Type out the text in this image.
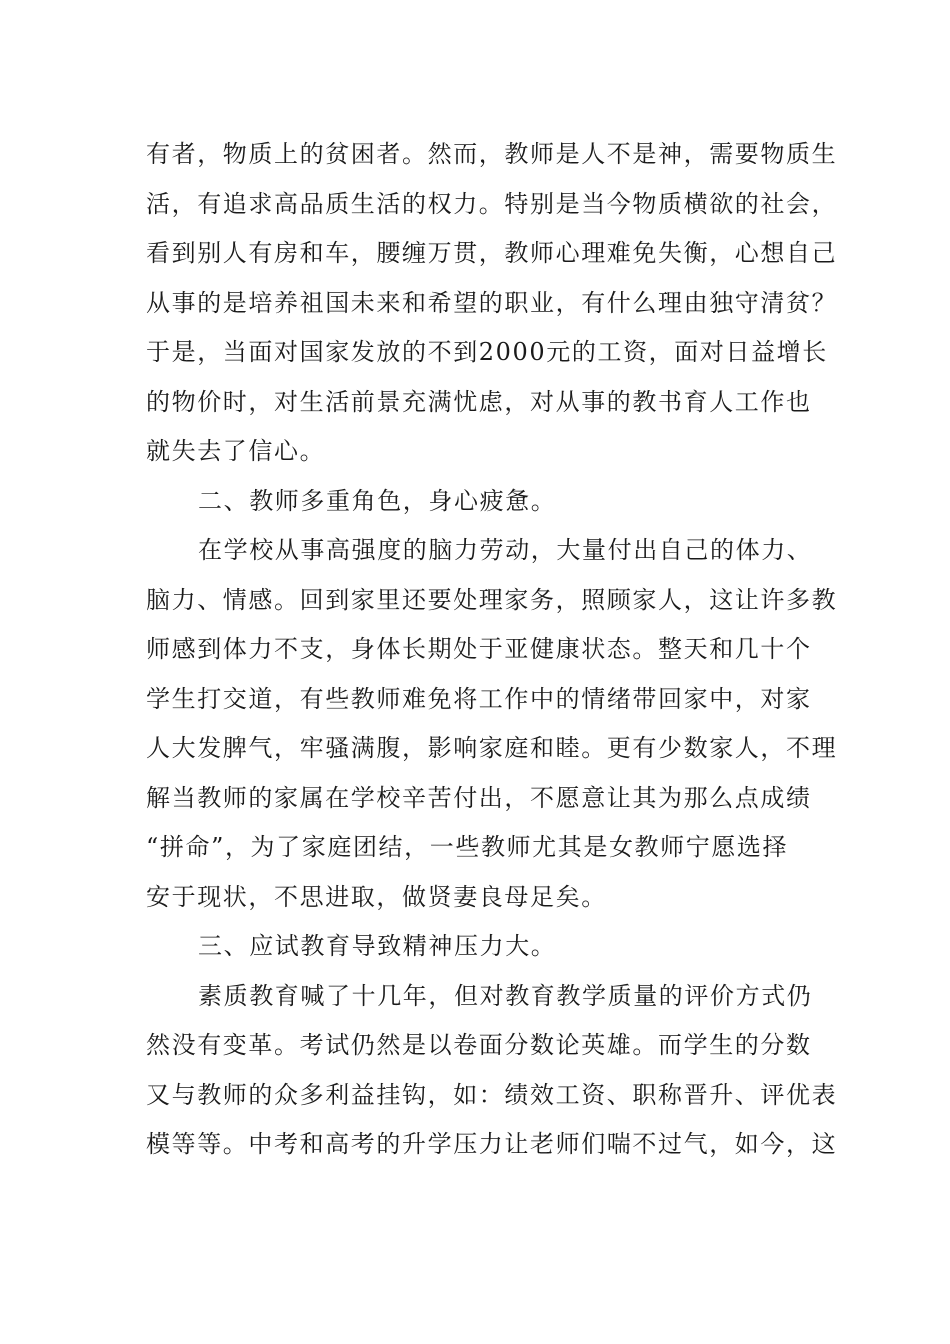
有者，物质上的贫困者。然而，教师是人不是神，需要物质生
活，有追求高品质生活的权力。特别是当今物质横欲的社会，
看到别人有房和车，腰缠万贯，教师心理难免失衡，心想自己
从事的是培养祖国未来和希望的职业，有什么理由独守清贫？
于是，当面对国家发放的不到2000元的工资，面对日益增长
的物价时，对生活前景充满忧虑，对从事的教书育人工作也
就失去了信心。
二、教师多重角色，身心疲惫。
在学校从事高强度的脑力劳动，大量付出自己的体力、
脑力、情感。回到家里还要处理家务，照顾家人，这让许多教
师感到体力不支，身体长期处于亚健康状态。整天和几十个
学生打交道，有些教师难免将工作中的情绪带回家中，对家
人大发脾气，牢骚满腹，影响家庭和睦。更有少数家人，不理
解当教师的家属在学校辛苦付出，不愿意让其为那么点成绩
“拼命”，为了家庭团结，一些教师尤其是女教师宁愿选择
安于现状，不思进取，做贤妻良母足矣。
三、应试教育导致精神压力大。
素质教育喊了十几年，但对教育教学质量的评价方式仍
然没有变革。考试仍然是以卷面分数论英雄。而学生的分数
又与教师的众多利益挂钩，如：绩效工资、职称晋升、评优表
模等等。中考和高考的升学压力让老师们喘不过气，如今，这
